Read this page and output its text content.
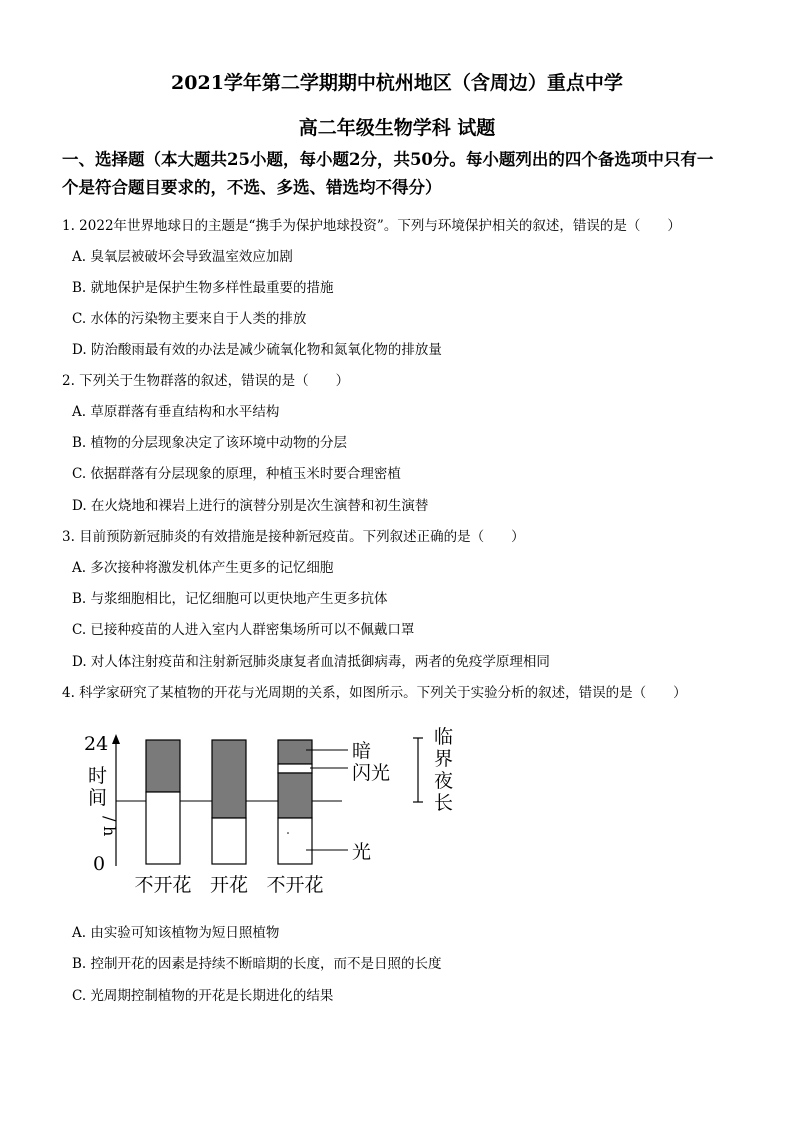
2021学年第二学期期中杭州地区（含周边）重点中学
高二年级生物学科 试题
一、选择题（本大题共25小题，每小题2分，共50分。每小题列出的四个备选项中只有一
个是符合题目要求的，不选、多选、错选均不得分）
1. 2022年世界地球日的主题是“携手为保护地球投资”。下列与环境保护相关的叙述，错误的是（　　）
A. 臭氧层被破坏会导致温室效应加剧
B. 就地保护是保护生物多样性最重要的措施
C. 水体的污染物主要来自于人类的排放
D. 防治酸雨最有效的办法是减少硫氧化物和氮氧化物的排放量
2. 下列关于生物群落的叙述，错误的是（　　）
A. 草原群落有垂直结构和水平结构
B. 植物的分层现象决定了该环境中动物的分层
C. 依据群落有分层现象的原理，种植玉米时要合理密植
D. 在火烧地和裸岩上进行的演替分别是次生演替和初生演替
3. 目前预防新冠肺炎的有效措施是接种新冠疫苗。下列叙述正确的是（　　）
A. 多次接种将激发机体产生更多的记忆细胞
B. 与浆细胞相比，记忆细胞可以更快地产生更多抗体
C. 已接种疫苗的人进入室内人群密集场所可以不佩戴口罩
D. 对人体注射疫苗和注射新冠肺炎康复者血清抵御病毒，两者的免疫学原理相同
4. 科学家研究了某植物的开花与光周期的关系，如图所示。下列关于实验分析的叙述，错误的是（　　）
24
0
时
间
/
h
不开花 开花 不开花
暗
闪光
光
临
界
夜
长
A. 由实验可知该植物为短日照植物
B. 控制开花的因素是持续不断暗期的长度，而不是日照的长度
C. 光周期控制植物的开花是长期进化的结果
